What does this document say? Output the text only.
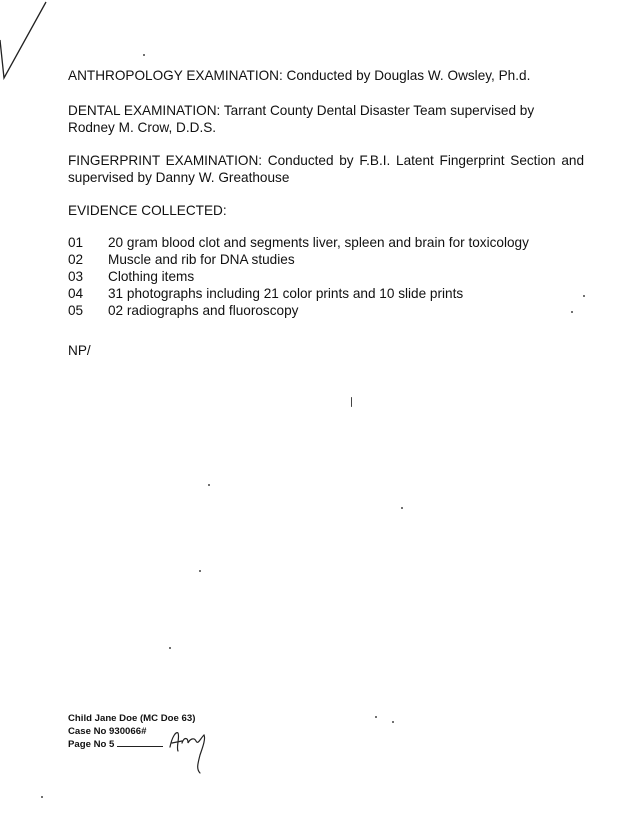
ANTHROPOLOGY EXAMINATION: Conducted by Douglas W. Owsley, Ph.d.
DENTAL EXAMINATION: Tarrant County Dental Disaster Team supervised by Rodney M. Crow, D.D.S.
FINGERPRINT EXAMINATION: Conducted by F.B.I. Latent Fingerprint Section and supervised by Danny W. Greathouse
EVIDENCE COLLECTED:
01	20 gram blood clot and segments liver, spleen and brain for toxicology
02	Muscle and rib for DNA studies
03	Clothing items
04	31 photographs including 21 color prints and 10 slide prints
05	02 radiographs and fluoroscopy
NP/
Child Jane Doe (MC Doe 63)
Case No 930066#
Page No 5
